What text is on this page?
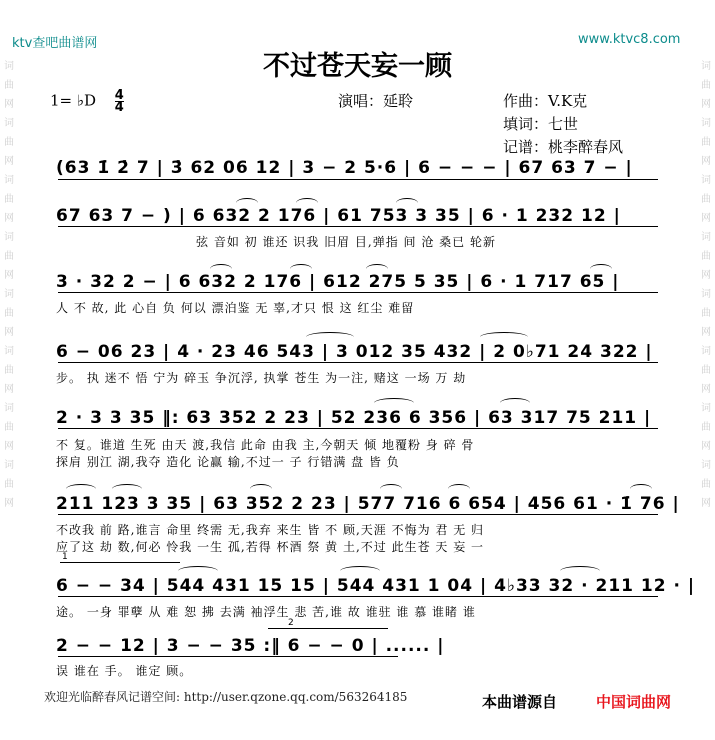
ktv查吧曲谱网	www.ktvc8.com
词
曲
网
词
曲
网
词
曲
网
词
曲
网
词
曲
网
词
曲
网
词
曲
网
词
曲
网
词
曲
网
词
曲
网
词
曲
网
词
曲
网
词
曲
网
词
曲
网
词
曲
网
词
曲
网
不过苍天妄一顾
1= ♭D $\frac{4}{4}$	演唱：延聆	作曲：V.K克
填词：七世
记谱：桃李醉春风
(63 1̇ 2̇ 7 | 3̇ 62 06 12 | 3 − 2 5·6 | 6 − − − | 67 63 7 − |
67 63 7 − ) | 6 632 2 176 | 61 753 3 35 | 6 · 1 232 12 |
弦 音如 初 谁还 识我 旧眉 目,弹指 间 沧 桑已 轮新
3 · 32 2 − | 6 632 2 176 | 612 275 5 35 | 6 · 1 717 65 |
人 不 故, 此 心自 负 何以 漂泊鉴 无 辜,才只 恨 这 红尘 难留
6 − 06 23 | 4 · 23 46 543 | 3 012 35 432 | 2 0♭71 24 322 |
步。 执 迷不 悟 宁为 碎玉 争沉浮, 执掌 苍生 为一注, 赌这 一场 万 劫
2 · 3 3 35 ‖: 63 352 2 23 | 52 236 6 356 | 63 317 75 211 |
不 复。谁道 生死 由天 渡,我信 此命 由我 主,今朝天 倾 地覆粉 身 碎 骨
探肩 别江 湖,我夺 造化 论赢 输,不过一 子 行错满 盘 皆 负
211 123 3 35 | 63 352 2 23 | 577 716 6 654 | 456 61 · 1̇ 76 |
不改我 前 路,谁言 命里 终需 无,我弃 来生 皆 不 顾,天涯 不悔为 君 无 归
应了这 劫 数,何必 怜我 一生 孤,若得 杯酒 祭 黄 土,不过 此生苍 天 妄 一
1
6 − − 34 | 544 431 15 15 | 544 431 1 04 | 4♭33 32 · 211 12 · |
途。 一身 罪孽 从 难 恕 拂 去满 袖浮生 悲 苦,谁 故 谁驻 谁 慕 谁睹 谁
2
2 − − 12 | 3 − − 35 :‖ 6 − − 0 | ...... |
误 谁在 手。 谁定 顾。
欢迎光临醉春风记谱空间: http://user.qzone.qq.com/563264185	本曲谱源自	中国词曲网
